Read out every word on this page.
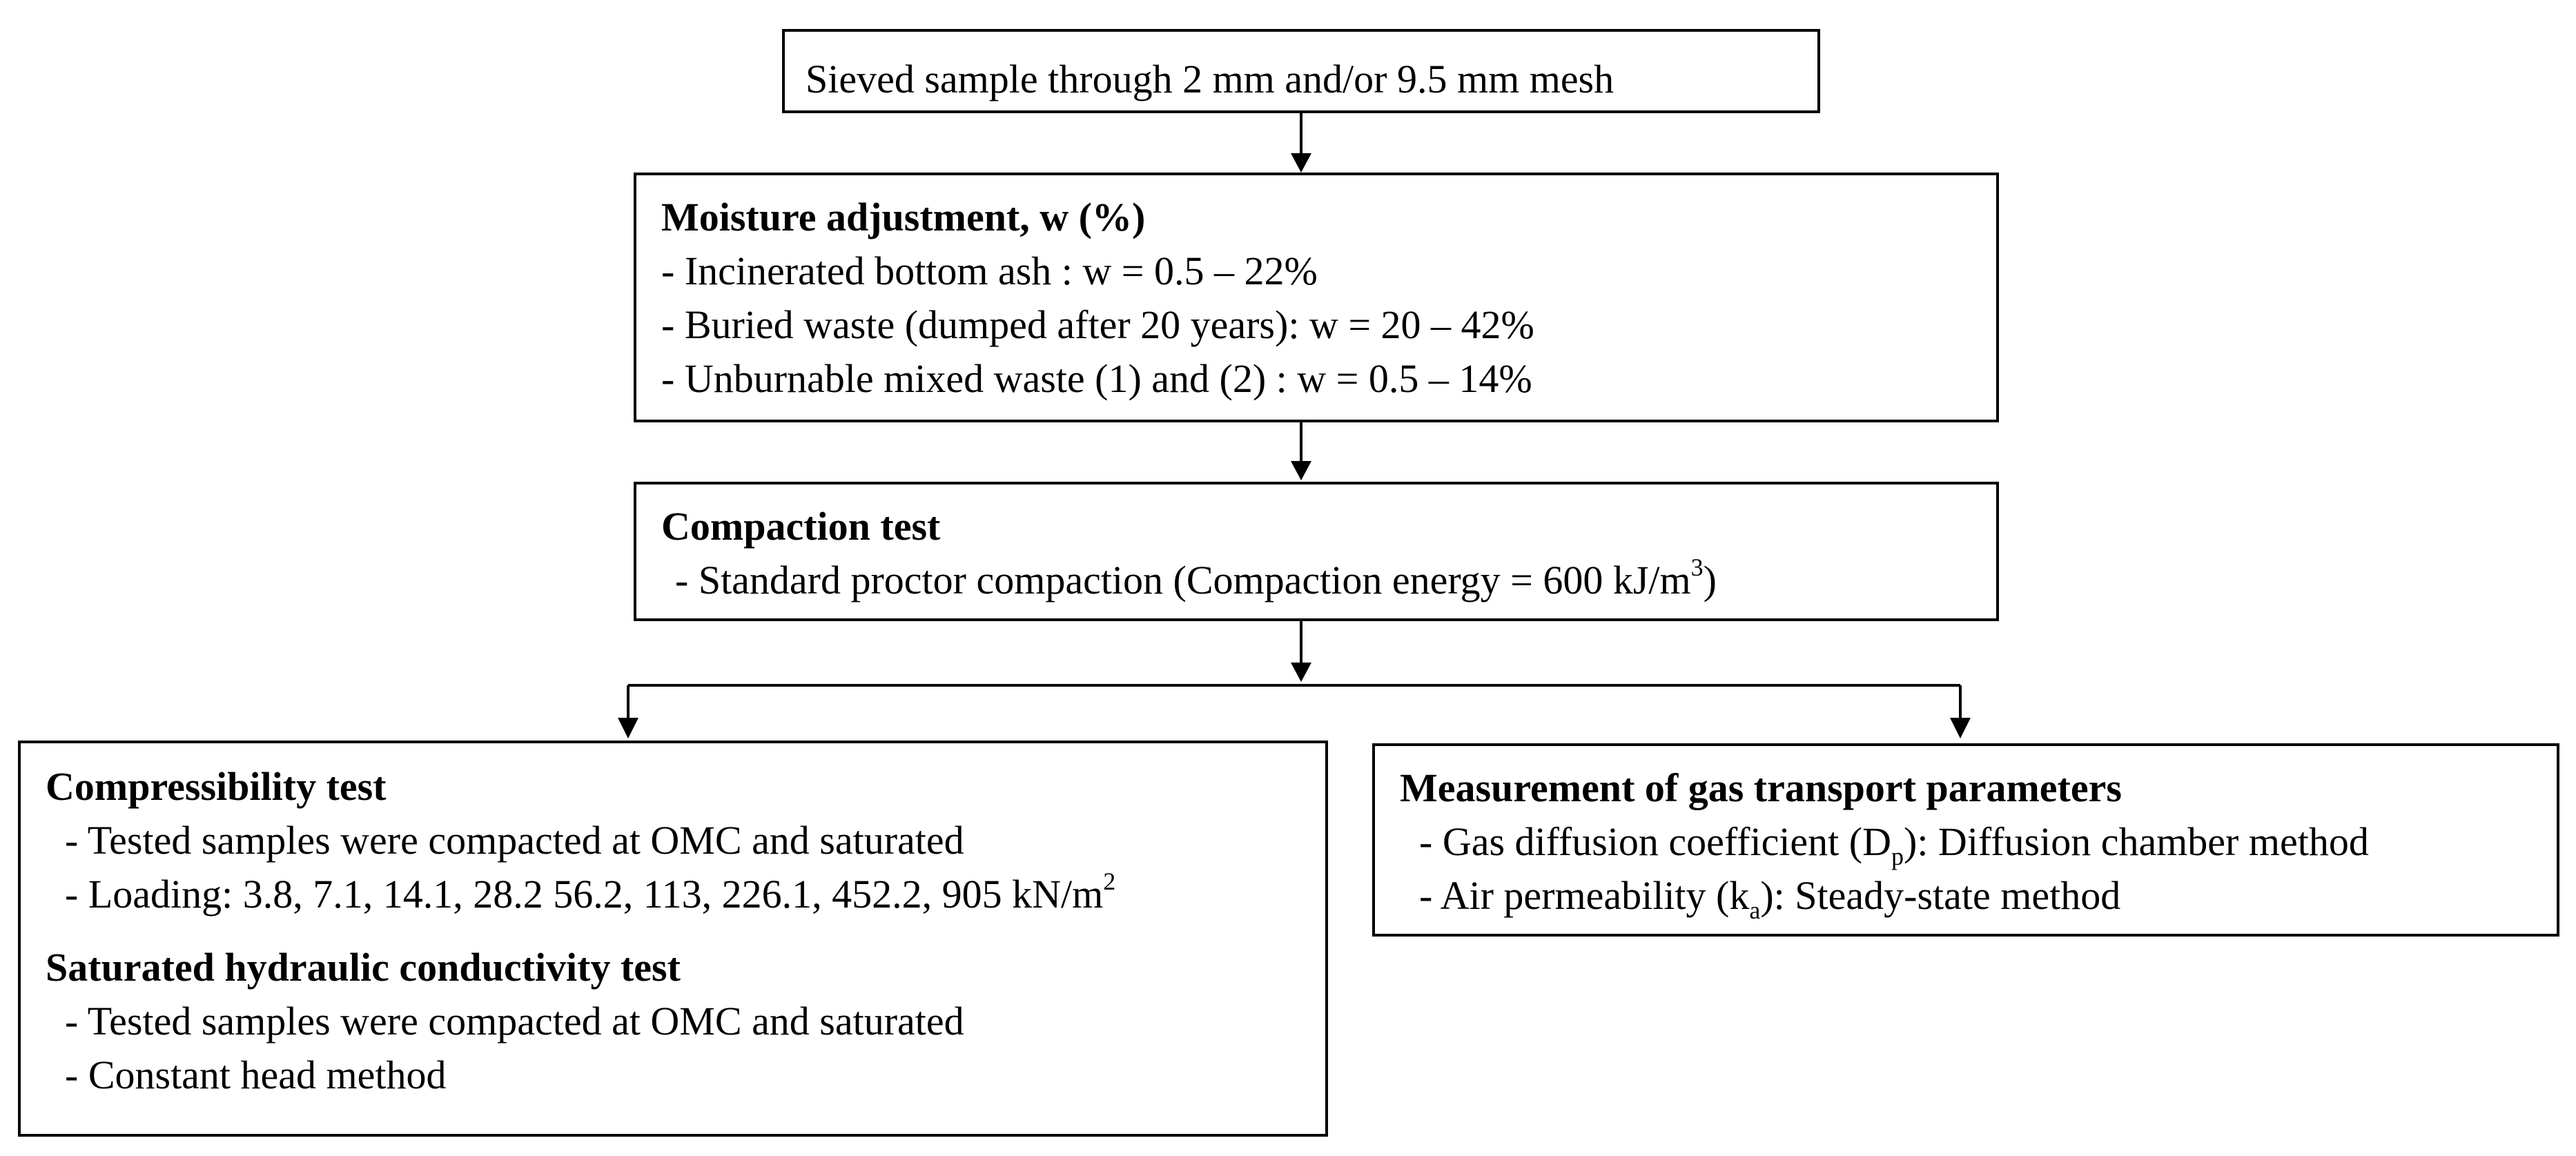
Sieved sample through 2 mm and/or 9.5 mm mesh
Moisture adjustment, w (%)
- Incinerated bottom ash : w = 0.5 – 22%
- Buried waste (dumped after 20 years): w = 20 – 42%
- Unburnable mixed waste (1) and (2) : w = 0.5 – 14%
Compaction test
- Standard proctor compaction (Compaction energy = 600 $kJ/m^3$)
Compressibility test
- Tested samples were compacted at OMC and saturated
- Loading: 3.8, 7.1, 14.1, 28.2 56.2, 113, 226.1, 452.2, 905 $kN/m^2$
Saturated hydraulic conductivity test
- Tested samples were compacted at OMC and saturated
- Constant head method
Measurement of gas transport parameters
- Gas diffusion coefficient $(D_p)$: Diffusion chamber method
- Air permeability $(k_a)$: Steady-state method
